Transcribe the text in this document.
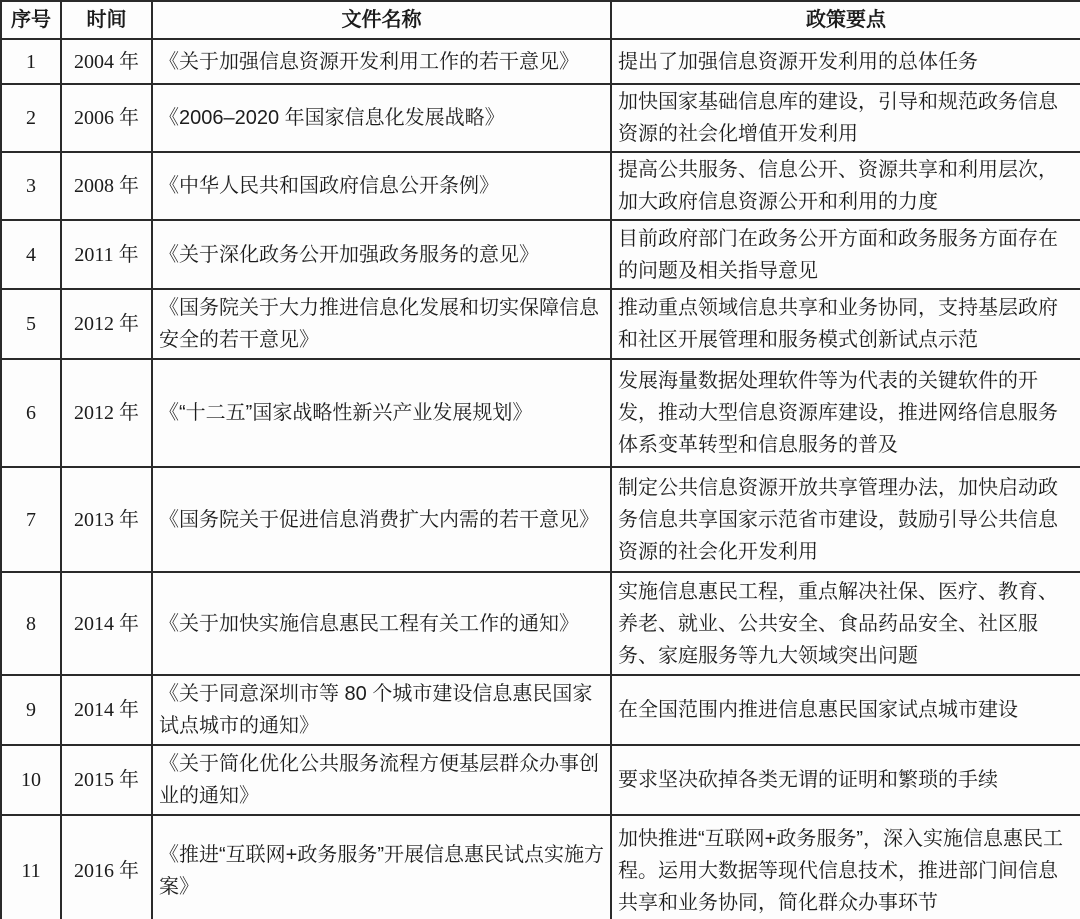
序号	时间	文件名称	政策要点
1	2004 年	《关于加强信息资源开发利用工作的若干意见》	提出了加强信息资源开发利用的总体任务
2	2006 年	《2006–2020 年国家信息化发展战略》	加快国家基础信息库的建设，引导和规范政务信息资源的社会化增值开发利用
3	2008 年	《中华人民共和国政府信息公开条例》	提高公共服务、信息公开、资源共享和利用层次，加大政府信息资源公开和利用的力度
4	2011 年	《关于深化政务公开加强政务服务的意见》	目前政府部门在政务公开方面和政务服务方面存在的问题及相关指导意见
5	2012 年	《国务院关于大力推进信息化发展和切实保障信息安全的若干意见》	推动重点领域信息共享和业务协同，支持基层政府和社区开展管理和服务模式创新试点示范
6	2012 年	《“十二五”国家战略性新兴产业发展规划》	发展海量数据处理软件等为代表的关键软件的开发，推动大型信息资源库建设，推进网络信息服务体系变革转型和信息服务的普及
7	2013 年	《国务院关于促进信息消费扩大内需的若干意见》	制定公共信息资源开放共享管理办法，加快启动政务信息共享国家示范省市建设，鼓励引导公共信息资源的社会化开发利用
8	2014 年	《关于加快实施信息惠民工程有关工作的通知》	实施信息惠民工程，重点解决社保、医疗、教育、养老、就业、公共安全、食品药品安全、社区服务、家庭服务等九大领域突出问题
9	2014 年	《关于同意深圳市等 80 个城市建设信息惠民国家试点城市的通知》	在全国范围内推进信息惠民国家试点城市建设
10	2015 年	《关于简化优化公共服务流程方便基层群众办事创业的通知》	要求坚决砍掉各类无谓的证明和繁琐的手续
11	2016 年	《推进“互联网+政务服务”开展信息惠民试点实施方案》	加快推进“互联网+政务服务”，深入实施信息惠民工程。运用大数据等现代信息技术，推进部门间信息共享和业务协同，简化群众办事环节
